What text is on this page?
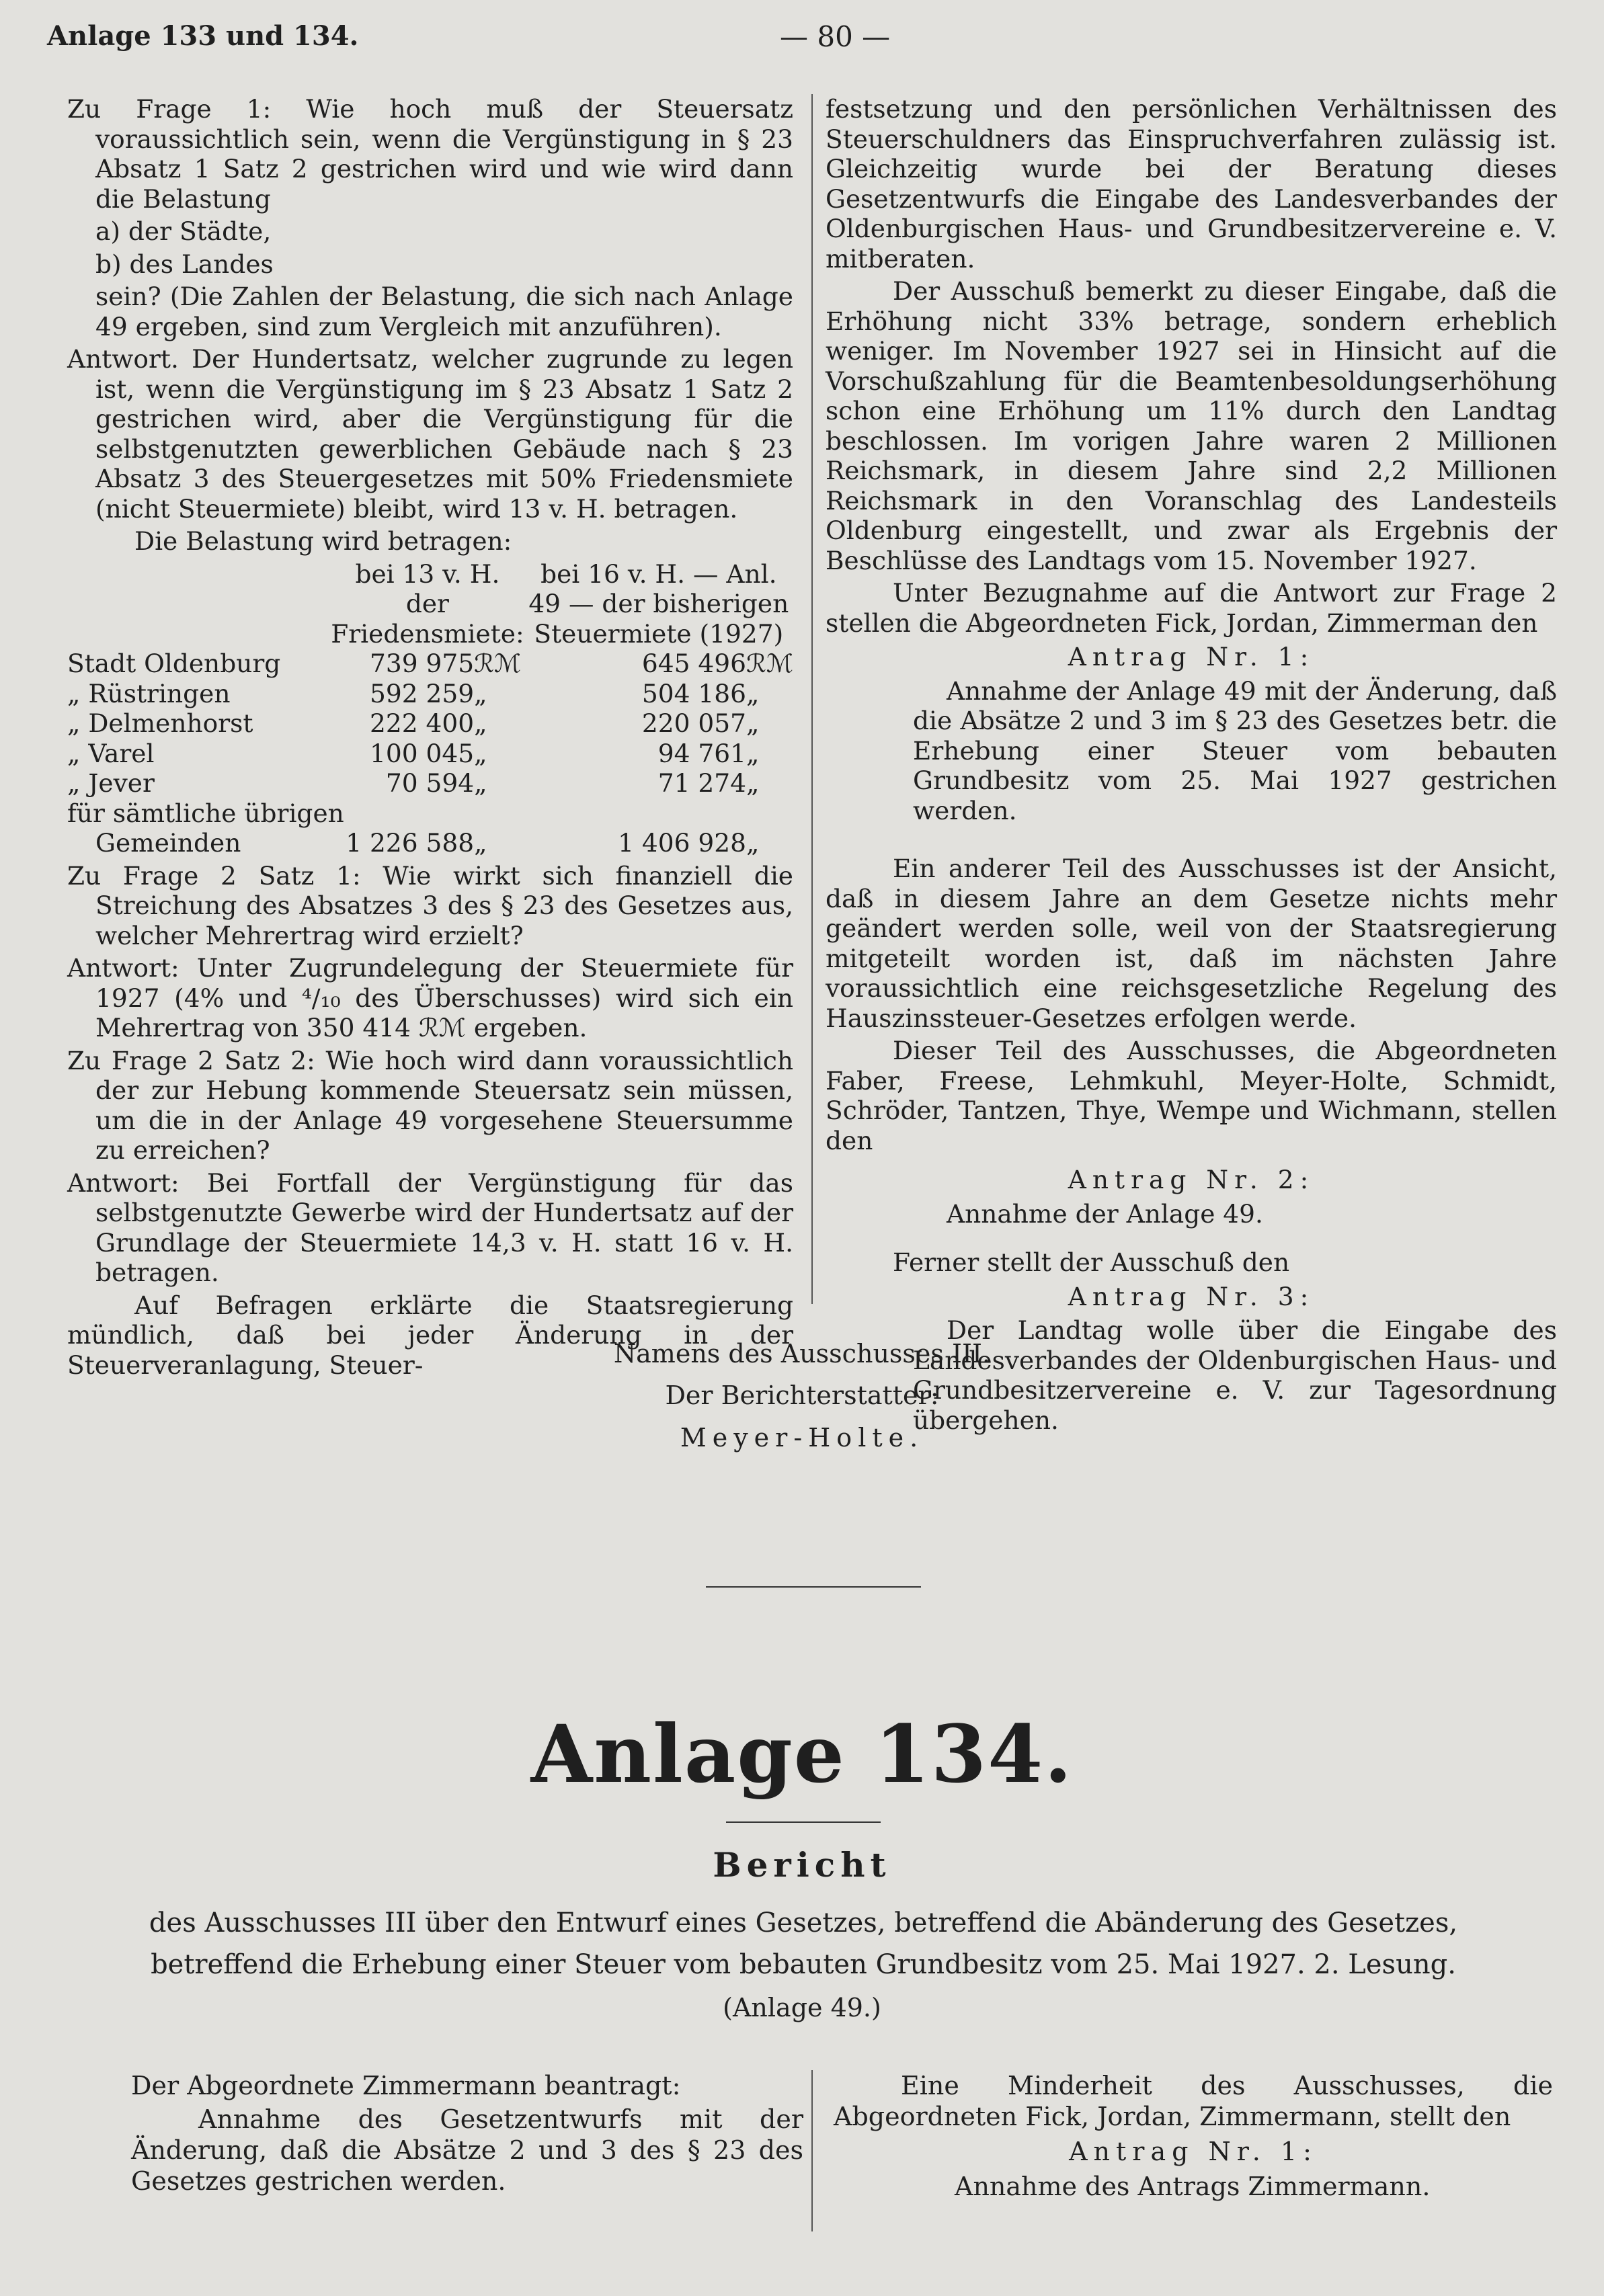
Anlage 133 und 134.	— 80 —

Zu Frage 1: Wie hoch muß der Steuersatz voraussichtlich sein, wenn die Vergünstigung in § 23 Absatz 1 Satz 2 gestrichen wird und wie wird dann die Belastung

a) der Städte,

b) des Landes

sein? (Die Zahlen der Belastung, die sich nach Anlage 49 ergeben, sind zum Vergleich mit anzuführen).

Antwort. Der Hundertsatz, welcher zugrunde zu legen ist, wenn die Vergünstigung im § 23 Absatz 1 Satz 2 gestrichen wird, aber die Vergünstigung für die selbstgenutzten gewerblichen Gebäude nach § 23 Absatz 3 des Steuergesetzes mit 50% Friedensmiete (nicht Steuermiete) bleibt, wird 13 v. H. betragen.

Die Belastung wird betragen:

	bei 13 v. H. der Friedensmiete:		bei 16 v. H. — Anl. 49 — der bisherigen Steuermiete (1927)	
Stadt Oldenburg	739 975	ℛℳ	645 496	ℛℳ
„ Rüstringen	592 259	„	504 186	„
„ Delmenhorst	222 400	„	220 057	„
„ Varel	100 045	„	94 761	„
„ Jever	70 594	„	71 274	„
für sämtliche übrigen				
Gemeinden	1 226 588	„	1 406 928	„

Zu Frage 2 Satz 1: Wie wirkt sich finanziell die Streichung des Absatzes 3 des § 23 des Gesetzes aus, welcher Mehrertrag wird erzielt?

Antwort: Unter Zugrundelegung der Steuermiete für 1927 (4% und ⁴/₁₀ des Überschusses) wird sich ein Mehrertrag von 350 414 ℛℳ ergeben.

Zu Frage 2 Satz 2: Wie hoch wird dann voraussichtlich der zur Hebung kommende Steuersatz sein müssen, um die in der Anlage 49 vorgesehene Steuersumme zu erreichen?

Antwort: Bei Fortfall der Vergünstigung für das selbstgenutzte Gewerbe wird der Hundertsatz auf der Grundlage der Steuermiete 14,3 v. H. statt 16 v. H. betragen.

Auf Befragen erklärte die Staatsregierung mündlich, daß bei jeder Änderung in der Steuerveranlagung, Steuer-

festsetzung und den persönlichen Verhältnissen des Steuerschuldners das Einspruchverfahren zulässig ist. Gleichzeitig wurde bei der Beratung dieses Gesetzentwurfs die Eingabe des Landesverbandes der Oldenburgischen Haus- und Grundbesitzervereine e. V. mitberaten.

Der Ausschuß bemerkt zu dieser Eingabe, daß die Erhöhung nicht 33% betrage, sondern erheblich weniger. Im November 1927 sei in Hinsicht auf die Vorschußzahlung für die Beamtenbesoldungserhöhung schon eine Erhöhung um 11% durch den Landtag beschlossen. Im vorigen Jahre waren 2 Millionen Reichsmark, in diesem Jahre sind 2,2 Millionen Reichsmark in den Voranschlag des Landesteils Oldenburg eingestellt, und zwar als Ergebnis der Beschlüsse des Landtags vom 15. November 1927.

Unter Bezugnahme auf die Antwort zur Frage 2 stellen die Abgeordneten Fick, Jordan, Zimmerman den

Antrag Nr. 1:

Annahme der Anlage 49 mit der Änderung, daß die Absätze 2 und 3 im § 23 des Gesetzes betr. die Erhebung einer Steuer vom bebauten Grundbesitz vom 25. Mai 1927 gestrichen werden.

Ein anderer Teil des Ausschusses ist der Ansicht, daß in diesem Jahre an dem Gesetze nichts mehr geändert werden solle, weil von der Staatsregierung mitgeteilt worden ist, daß im nächsten Jahre voraussichtlich eine reichsgesetzliche Regelung des Hauszinssteuer-Gesetzes erfolgen werde.

Dieser Teil des Ausschusses, die Abgeordneten Faber, Freese, Lehmkuhl, Meyer-Holte, Schmidt, Schröder, Tantzen, Thye, Wempe und Wichmann, stellen den

Antrag Nr. 2:

Annahme der Anlage 49.

Ferner stellt der Ausschuß den

Antrag Nr. 3:

Der Landtag wolle über die Eingabe des Landesverbandes der Oldenburgischen Haus- und Grundbesitzervereine e. V. zur Tagesordnung übergehen.

Namens des Ausschusses III.
Der Berichterstatter:
Meyer-Holte.
Anlage 134.
Bericht
des Ausschusses III über den Entwurf eines Gesetzes, betreffend die Abänderung des Gesetzes, betreffend die Erhebung einer Steuer vom bebauten Grundbesitz vom 25. Mai 1927. 2. Lesung.
(Anlage 49.)

Der Abgeordnete Zimmermann beantragt:

Annahme des Gesetzentwurfs mit der Änderung, daß die Absätze 2 und 3 des § 23 des Gesetzes gestrichen werden.

Eine Minderheit des Ausschusses, die Abgeordneten Fick, Jordan, Zimmermann, stellt den

Antrag Nr. 1:

Annahme des Antrags Zimmermann.
